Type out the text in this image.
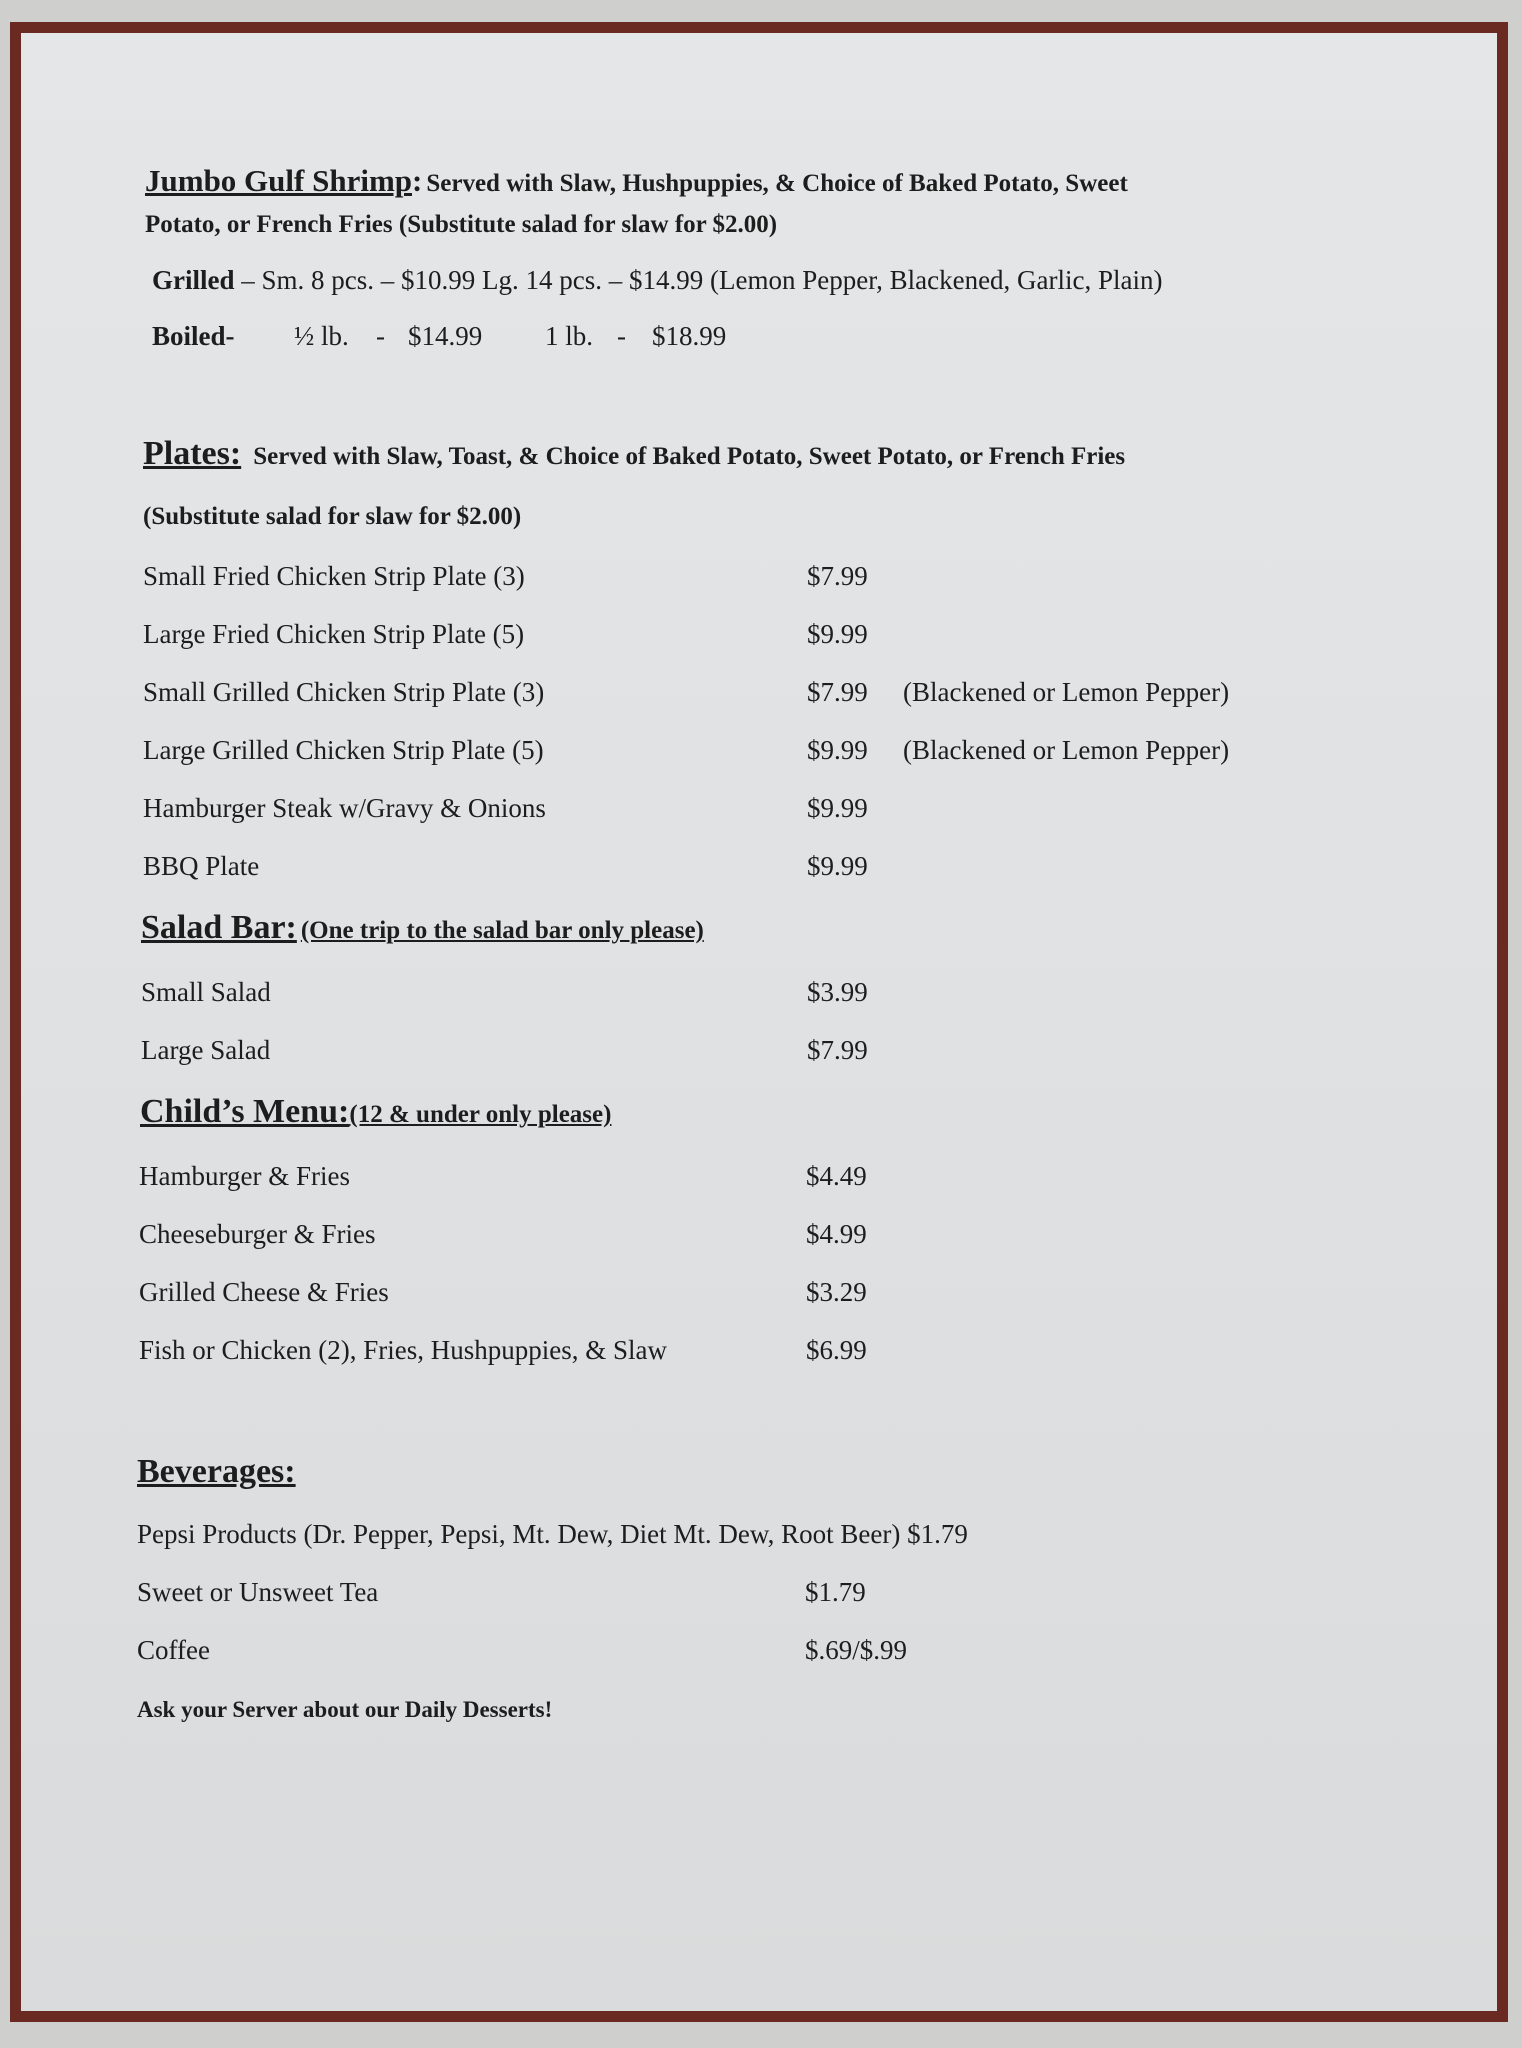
Jumbo Gulf Shrimp: Served with Slaw, Hushpuppies, & Choice of Baked Potato, Sweet
Potato, or French Fries (Substitute salad for slaw for $2.00)
Grilled – Sm. 8 pcs. – $10.99 Lg. 14 pcs. – $14.99 (Lemon Pepper, Blackened, Garlic, Plain)
Boiled- ½ lb. - $14.99 1 lb. - $18.99
Plates: Served with Slaw, Toast, & Choice of Baked Potato, Sweet Potato, or French Fries
(Substitute salad for slaw for $2.00)
Small Fried Chicken Strip Plate (3)	$7.99
Large Fried Chicken Strip Plate (5)	$9.99
Small Grilled Chicken Strip Plate (3)	$7.99 (Blackened or Lemon Pepper)
Large Grilled Chicken Strip Plate (5)	$9.99 (Blackened or Lemon Pepper)
Hamburger Steak w/Gravy & Onions	$9.99
BBQ Plate	$9.99
Salad Bar: (One trip to the salad bar only please)
Small Salad	$3.99
Large Salad	$7.99
Child’s Menu:(12 & under only please)
Hamburger & Fries	$4.49
Cheeseburger & Fries	$4.99
Grilled Cheese & Fries	$3.29
Fish or Chicken (2), Fries, Hushpuppies, & Slaw	$6.99
Beverages:
Pepsi Products (Dr. Pepper, Pepsi, Mt. Dew, Diet Mt. Dew, Root Beer) $1.79
Sweet or Unsweet Tea	$1.79
Coffee	$.69/$.99
Ask your Server about our Daily Desserts!
